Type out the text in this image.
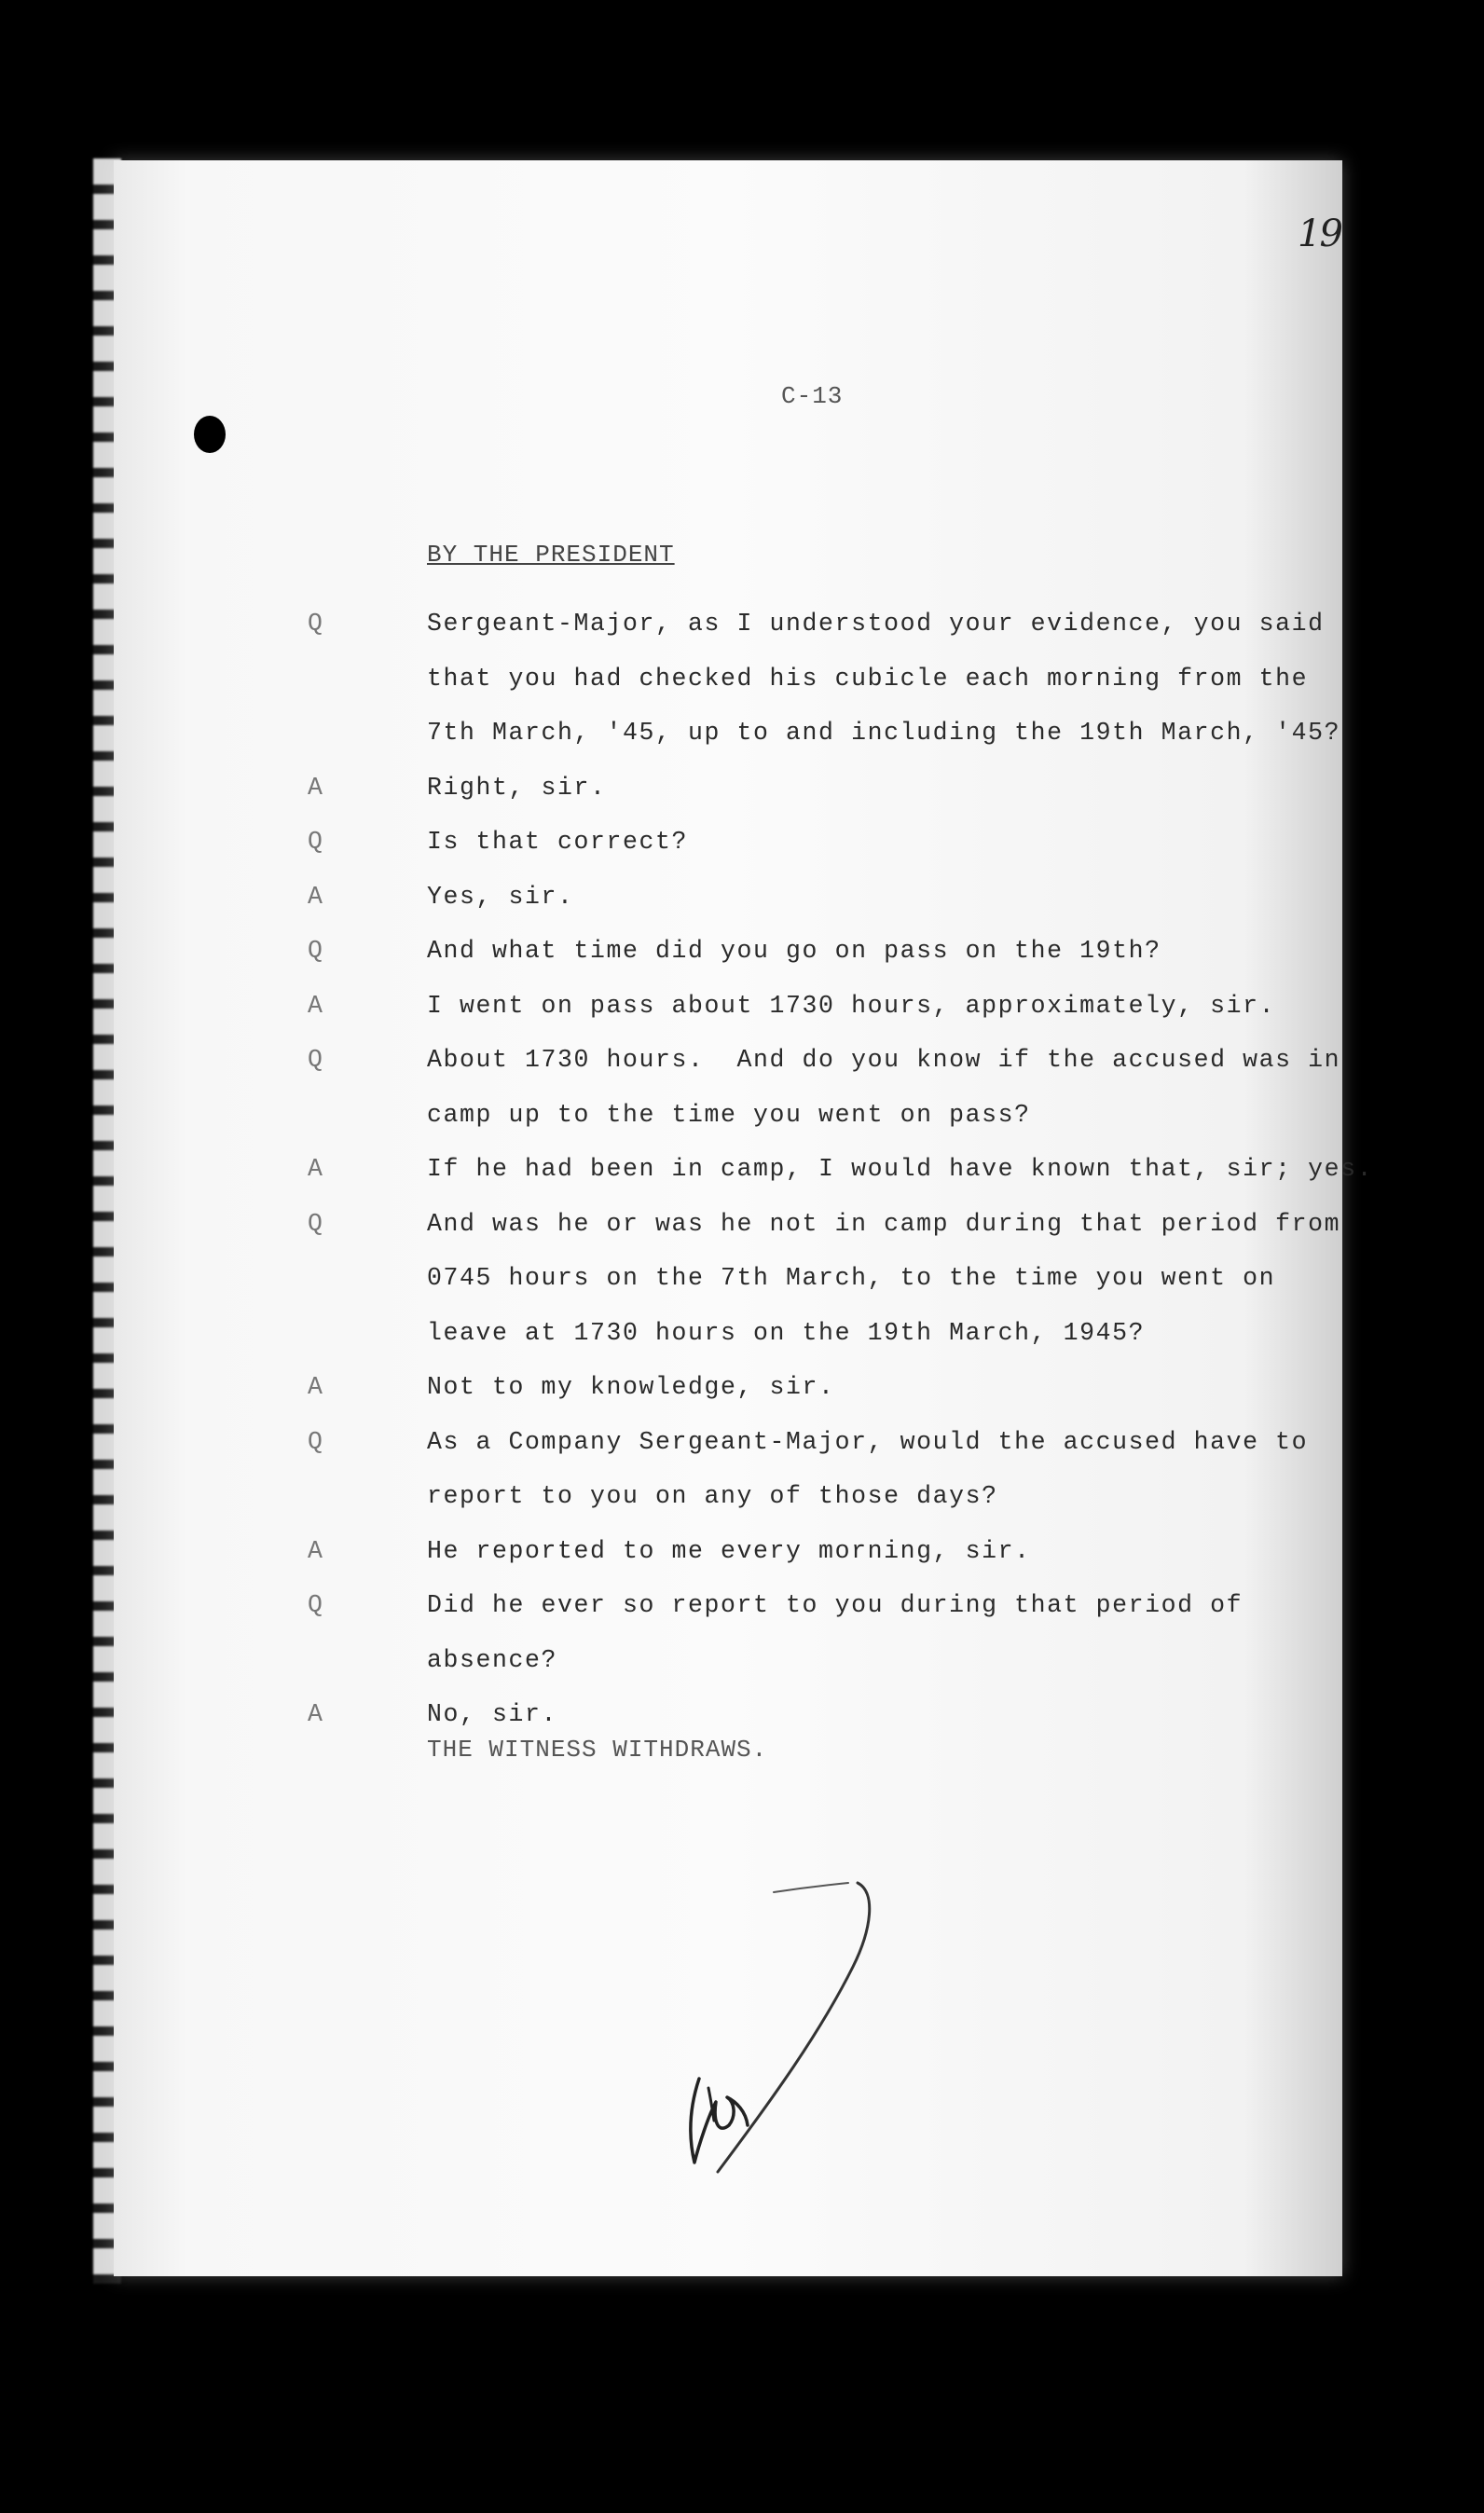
19
C-13
BY THE PRESIDENT
Q	Sergeant-Major, as I understood your evidence, you said
that you had checked his cubicle each morning from the
7th March, '45, up to and including the 19th March, '45?
A	Right, sir.
Q	Is that correct?
A	Yes, sir.
Q	And what time did you go on pass on the 19th?
A	I went on pass about 1730 hours, approximately, sir.
Q	About 1730 hours.  And do you know if the accused was in
camp up to the time you went on pass?
A	If he had been in camp, I would have known that, sir; yes.
Q	And was he or was he not in camp during that period from
0745 hours on the 7th March, to the time you went on
leave at 1730 hours on the 19th March, 1945?
A	Not to my knowledge, sir.
Q	As a Company Sergeant-Major, would the accused have to
report to you on any of those days?
A	He reported to me every morning, sir.
Q	Did he ever so report to you during that period of
absence?
A	No, sir.
THE WITNESS WITHDRAWS.
